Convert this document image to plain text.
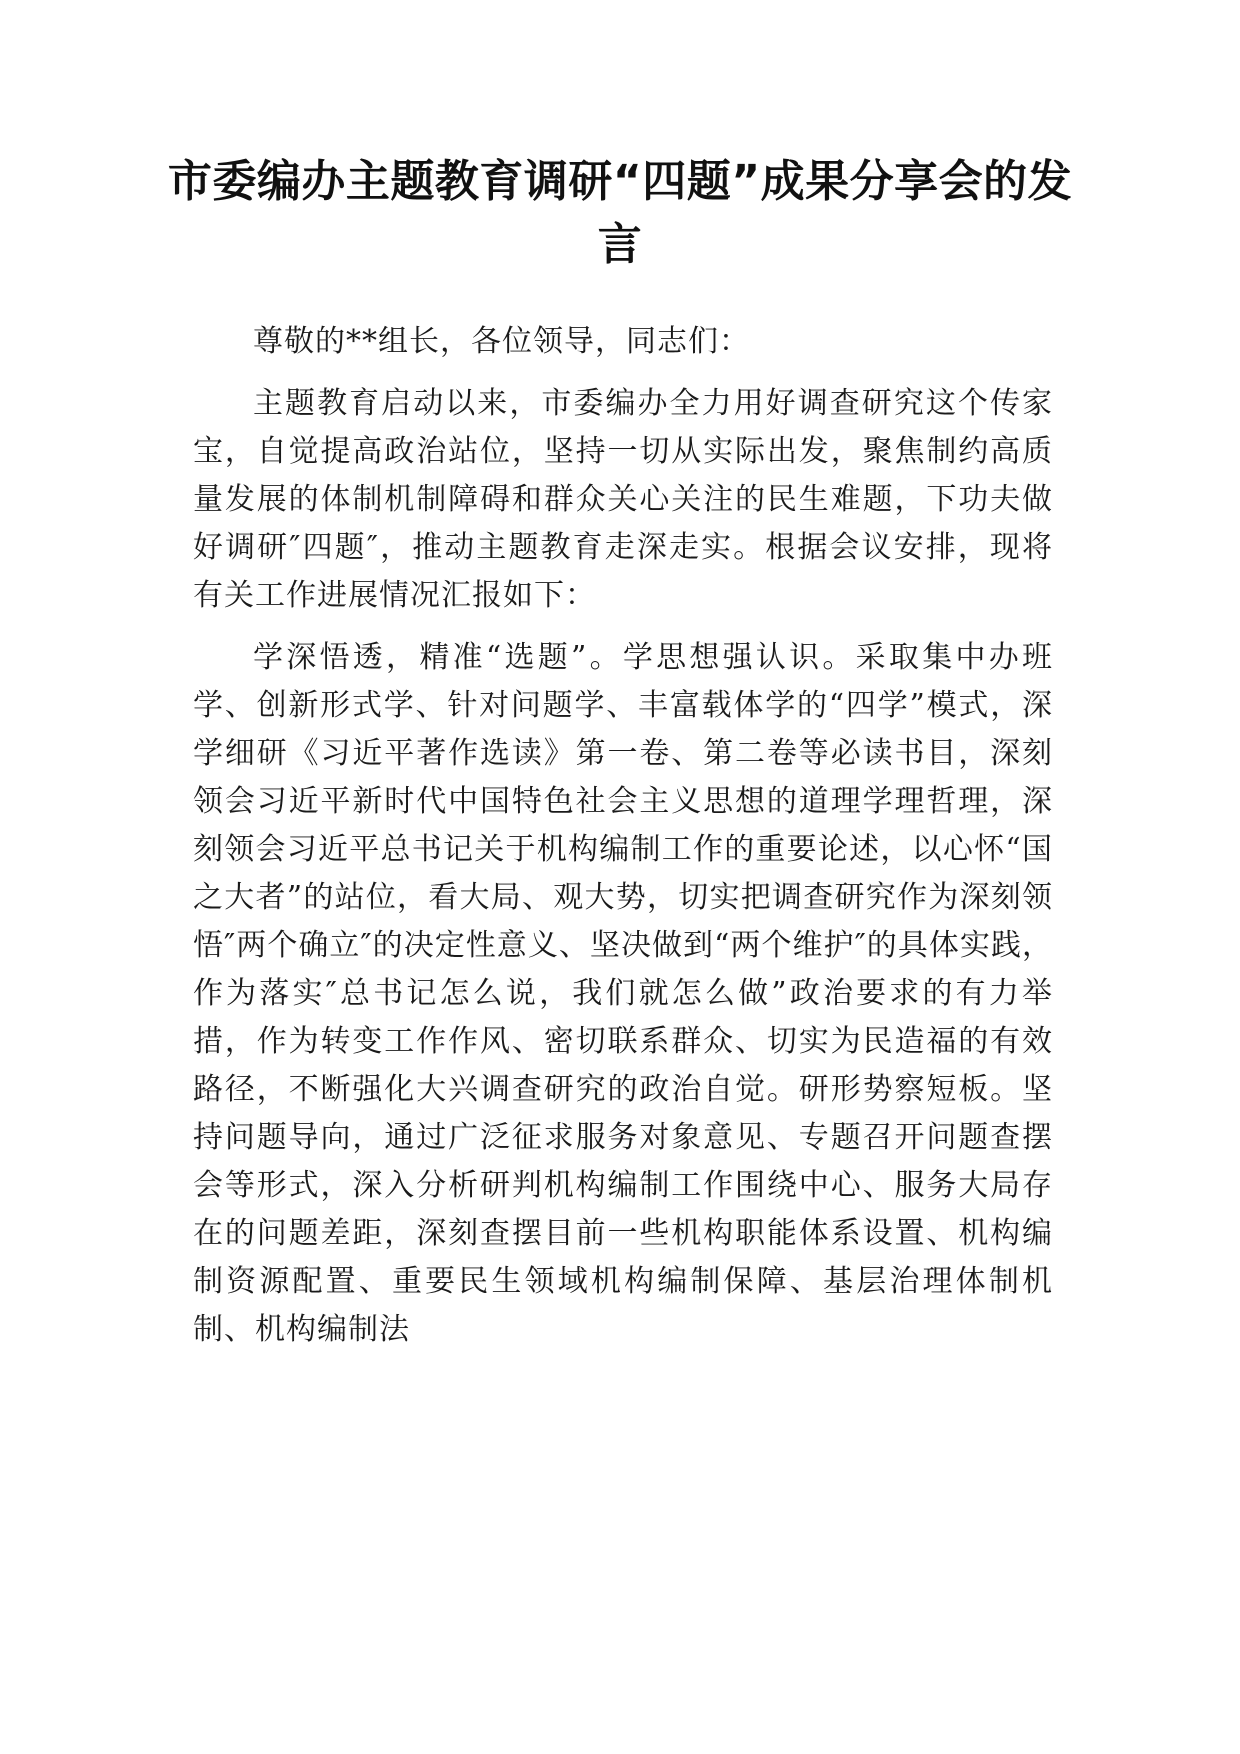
市委编办主题教育调研“四题”成果分享会的发言

尊敬的**组长，各位领导，同志们：

主题教育启动以来，市委编办全力用好调查研究这个传家宝，自觉提高政治站位，坚持一切从实际出发，聚焦制约高质量发展的体制机制障碍和群众关心关注的民生难题，下功夫做好调研″四题″，推动主题教育走深走实。根据会议安排，现将有关工作进展情况汇报如下：

学深悟透，精准“选题”。学思想强认识。采取集中办班学、创新形式学、针对问题学、丰富载体学的“四学”模式，深学细研《习近平著作选读》第一卷、第二卷等必读书目，深刻领会习近平新时代中国特色社会主义思想的道理学理哲理，深刻领会习近平总书记关于机构编制工作的重要论述，以心怀“国之大者”的站位，看大局、观大势，切实把调查研究作为深刻领悟″两个确立″的决定性意义、坚决做到“两个维护″的具体实践，作为落实″总书记怎么说，我们就怎么做”政治要求的有力举措，作为转变工作作风、密切联系群众、切实为民造福的有效路径，不断强化大兴调查研究的政治自觉。研形势察短板。坚持问题导向，通过广泛征求服务对象意见、专题召开问题查摆会等形式，深入分析研判机构编制工作围绕中心、服务大局存在的问题差距，深刻查摆目前一些机构职能体系设置、机构编制资源配置、重要民生领域机构编制保障、基层治理体制机制、机构编制法
